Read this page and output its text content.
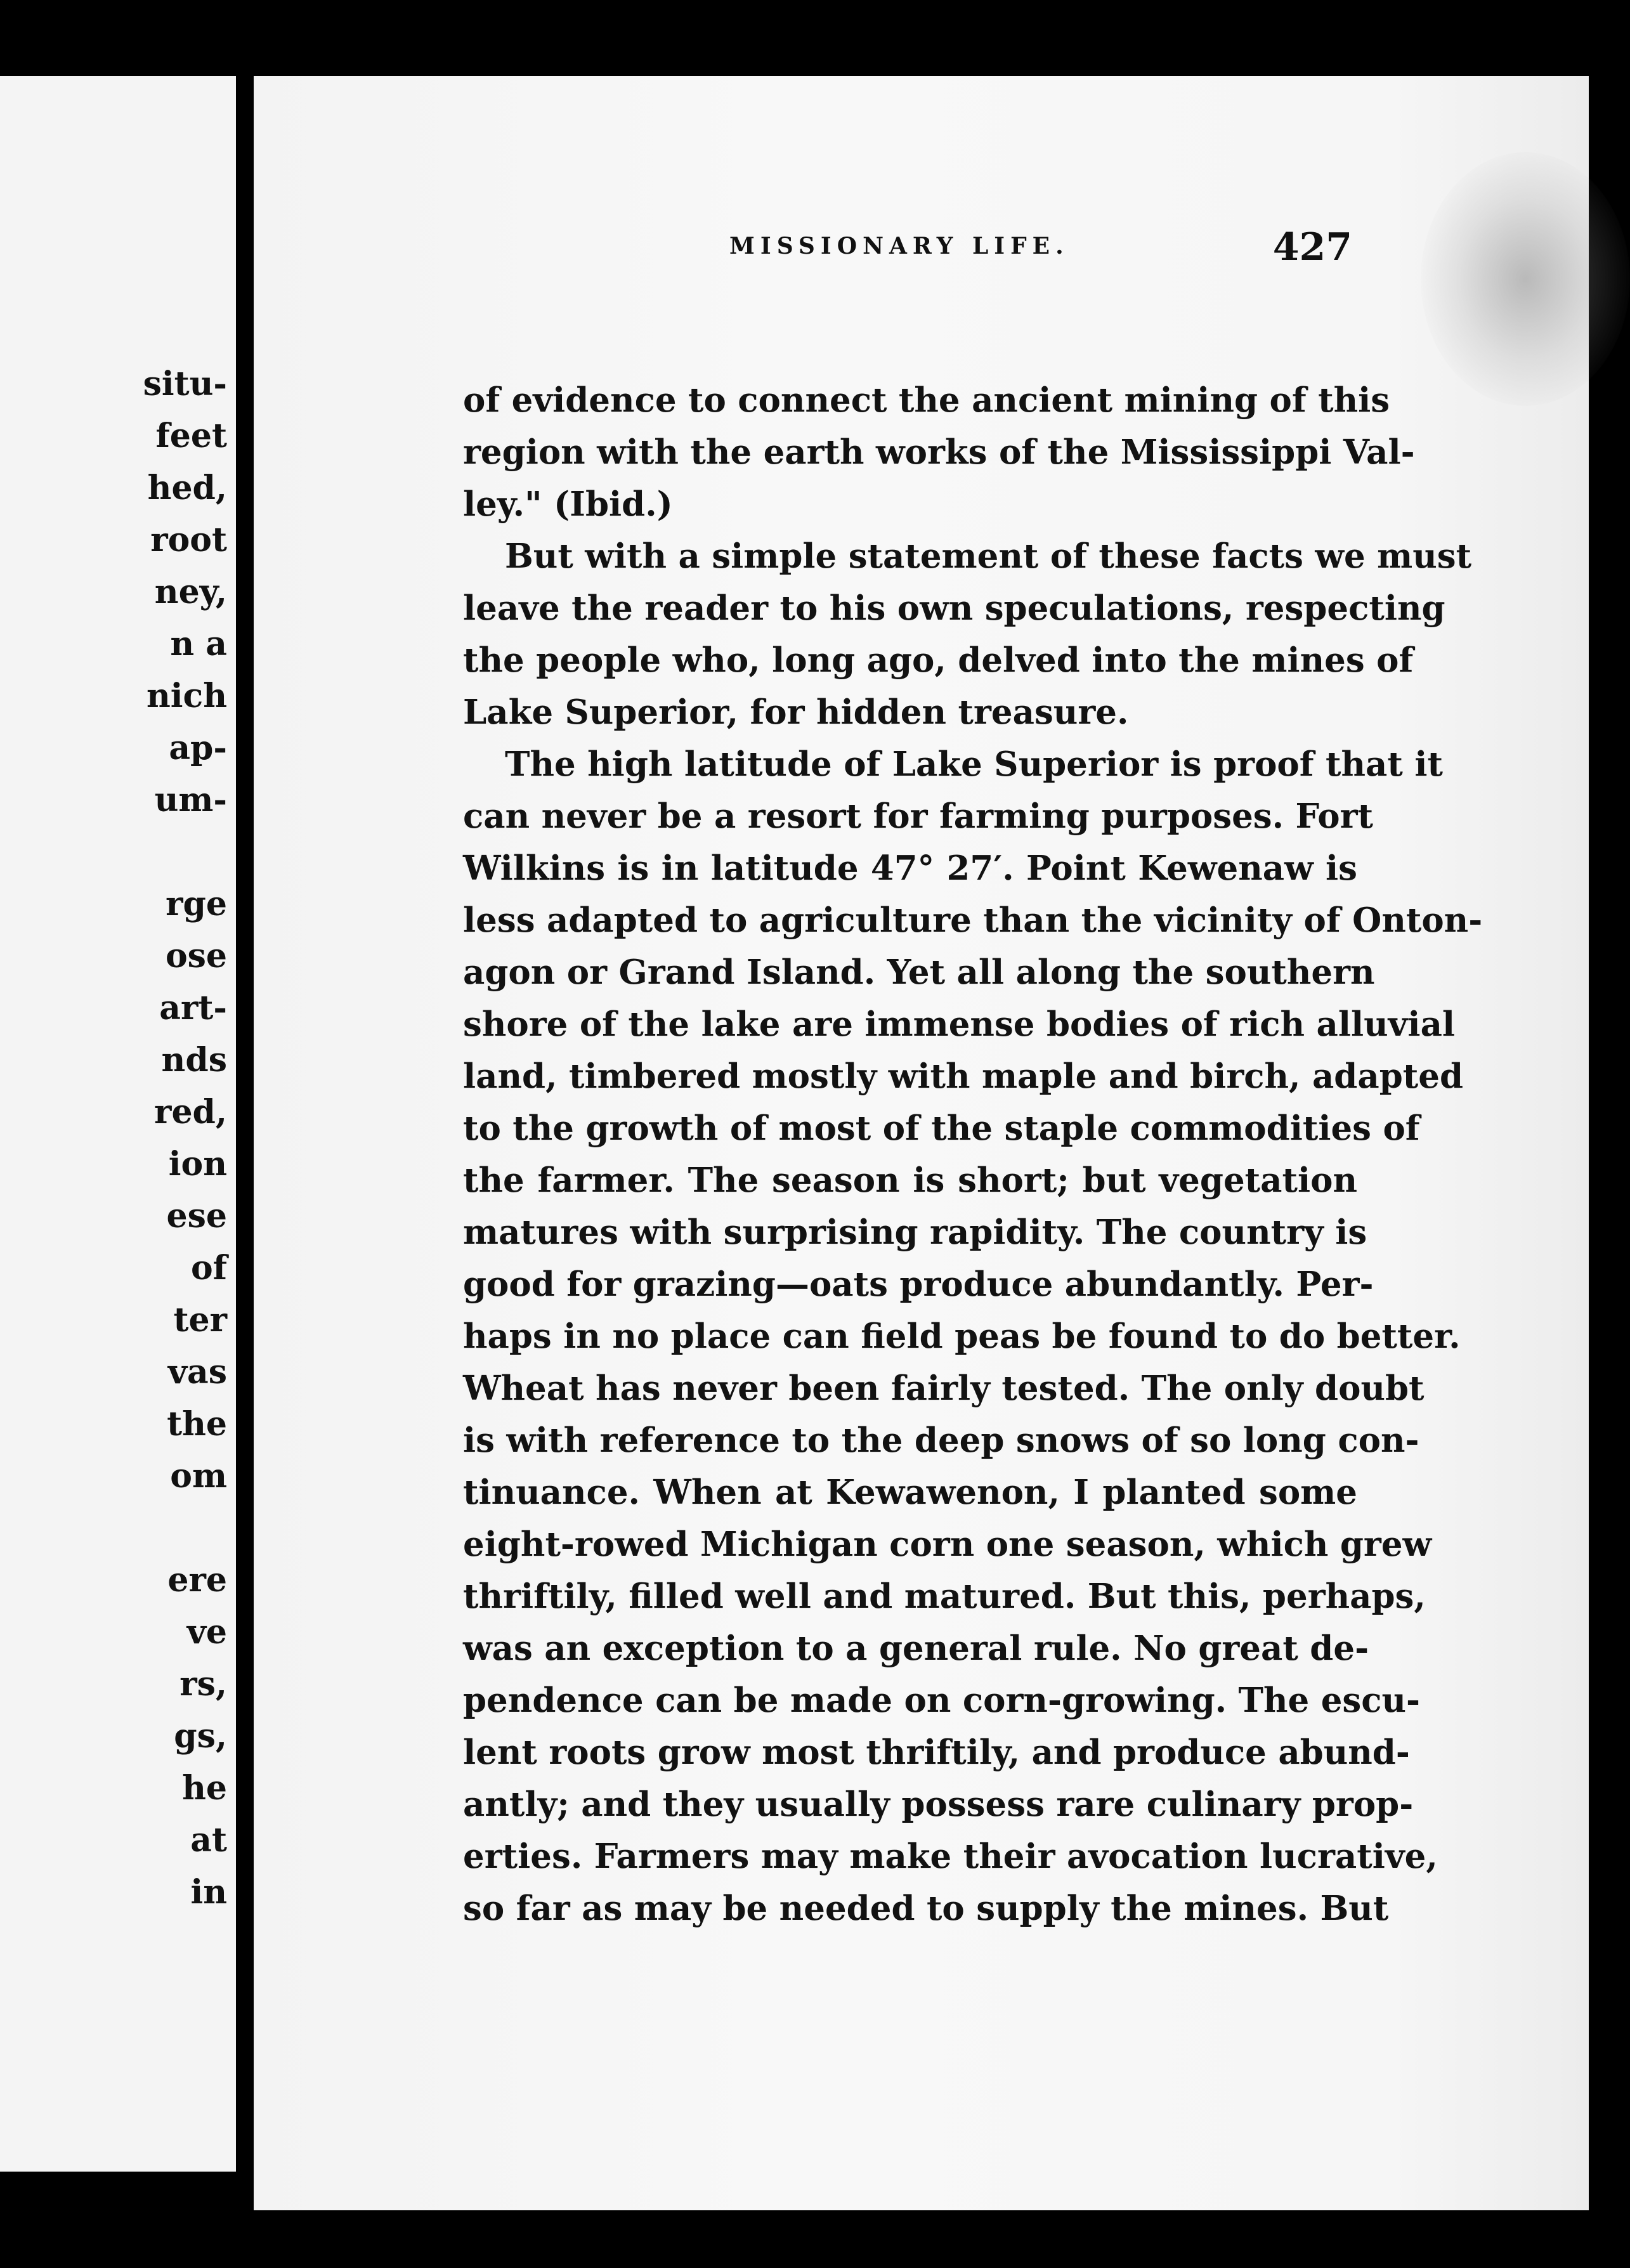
situ-
feet
hed,
root
ney,
n a
nich
ap-
um-
rge
ose
art-
nds
red,
ion
ese
of
ter
vas
the
om
ere
ve
rs,
gs,
he
at
in
MISSIONARY LIFE.	427
of evidence to connect the ancient mining of this
region with the earth works of the Mississippi Val-
ley." (Ibid.)
But with a simple statement of these facts we must
leave the reader to his own speculations, respecting
the people who, long ago, delved into the mines of
Lake Superior, for hidden treasure.
The high latitude of Lake Superior is proof that it
can never be a resort for farming purposes. Fort
Wilkins is in latitude 47° 27′. Point Kewenaw is
less adapted to agriculture than the vicinity of Onton-
agon or Grand Island. Yet all along the southern
shore of the lake are immense bodies of rich alluvial
land, timbered mostly with maple and birch, adapted
to the growth of most of the staple commodities of
the farmer. The season is short; but vegetation
matures with surprising rapidity. The country is
good for grazing—oats produce abundantly. Per-
haps in no place can field peas be found to do better.
Wheat has never been fairly tested. The only doubt
is with reference to the deep snows of so long con-
tinuance. When at Kewawenon, I planted some
eight-rowed Michigan corn one season, which grew
thriftily, filled well and matured. But this, perhaps,
was an exception to a general rule. No great de-
pendence can be made on corn-growing. The escu-
lent roots grow most thriftily, and produce abund-
antly; and they usually possess rare culinary prop-
erties. Farmers may make their avocation lucrative,
so far as may be needed to supply the mines. But
